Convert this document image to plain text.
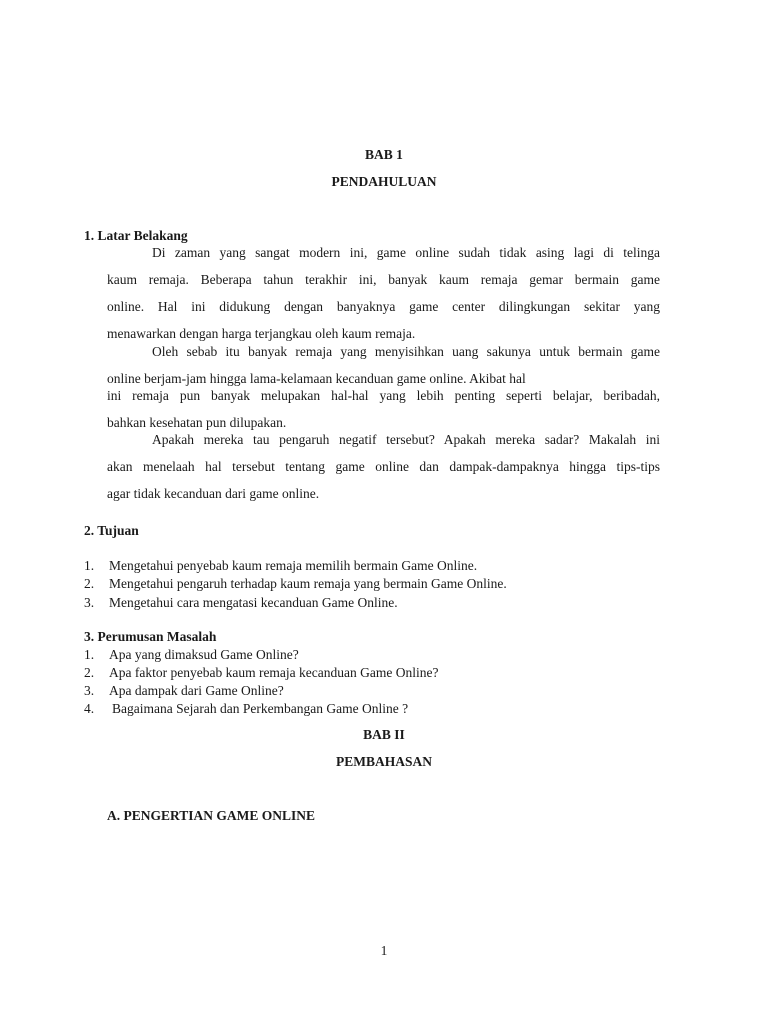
BAB 1
PENDAHULUAN
1. Latar Belakang
Di zaman yang sangat modern ini, game online sudah tidak asing lagi di telinga
kaum remaja. Beberapa tahun terakhir ini, banyak kaum remaja gemar bermain game
online. Hal ini didukung dengan banyaknya game center dilingkungan sekitar yang
menawarkan dengan harga terjangkau oleh kaum remaja.
Oleh sebab itu banyak remaja yang menyisihkan uang sakunya untuk bermain game
online berjam-jam hingga lama-kelamaan kecanduan game online. Akibat hal
ini remaja pun banyak melupakan hal-hal yang lebih penting seperti belajar, beribadah,
bahkan kesehatan pun dilupakan.
Apakah mereka tau pengaruh negatif tersebut? Apakah mereka sadar? Makalah ini
akan menelaah hal tersebut tentang game online dan dampak-dampaknya hingga tips-tips
agar tidak kecanduan dari game online.
2. Tujuan
1. Mengetahui penyebab kaum remaja memilih bermain Game Online.
2. Mengetahui pengaruh terhadap kaum remaja yang bermain Game Online.
3. Mengetahui cara mengatasi kecanduan Game Online.
3. Perumusan Masalah
1. Apa yang dimaksud Game Online?
2. Apa faktor penyebab kaum remaja kecanduan Game Online?
3. Apa dampak dari Game Online?
4. Bagaimana Sejarah dan Perkembangan Game Online ?
BAB II
PEMBAHASAN
A. PENGERTIAN GAME ONLINE
1
